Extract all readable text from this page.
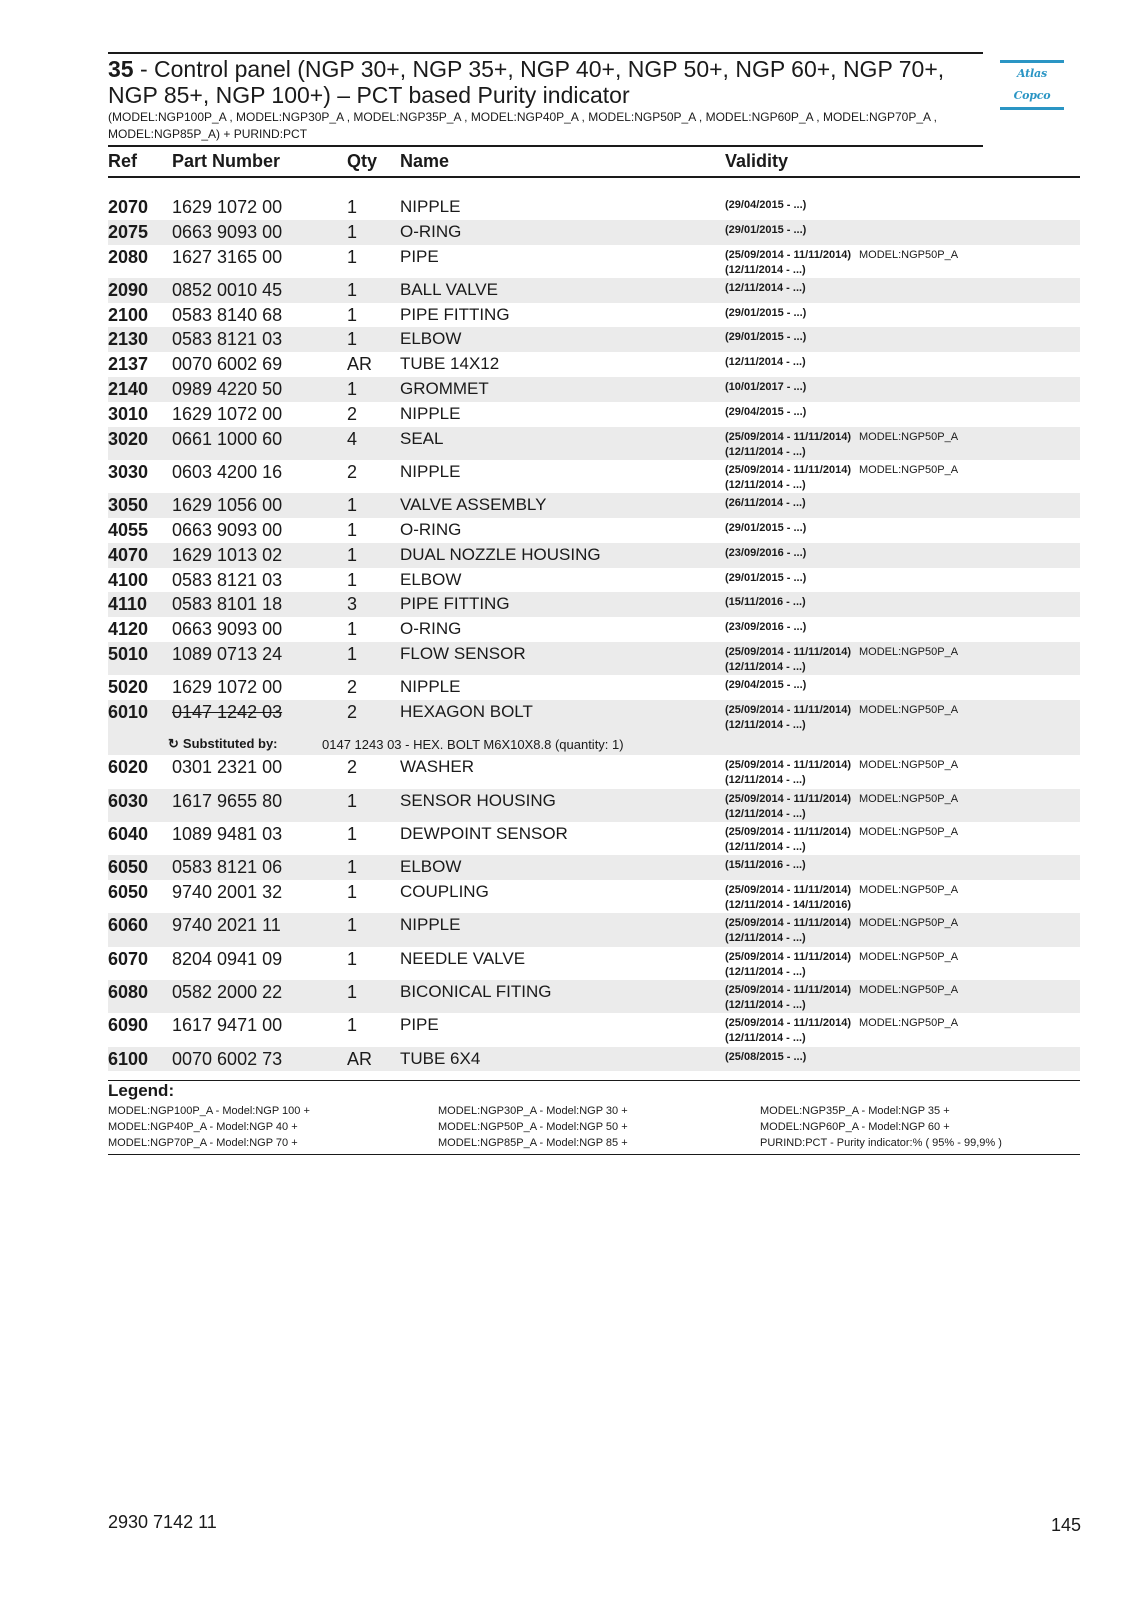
35 - Control panel (NGP 30+, NGP 35+, NGP 40+, NGP 50+, NGP 60+, NGP 70+,
NGP 85+, NGP 100+) – PCT based Purity indicator
(MODEL:NGP100P_A , MODEL:NGP30P_A , MODEL:NGP35P_A , MODEL:NGP40P_A , MODEL:NGP50P_A , MODEL:NGP60P_A , MODEL:NGP70P_A ,
MODEL:NGP85P_A) + PURIND:PCT
Atlas Copco
Ref	Part Number	Qty	Name	Validity
2070	1629 1072 00	1	NIPPLE	(29/04/2015 - ...)
2075	0663 9093 00	1	O-RING	(29/01/2015 - ...)
2080	1627 3165 00	1	PIPE	(25/09/2014 - 11/11/2014) MODEL:NGP50P_A
(12/11/2014 - ...)
2090	0852 0010 45	1	BALL VALVE	(12/11/2014 - ...)
2100	0583 8140 68	1	PIPE FITTING	(29/01/2015 - ...)
2130	0583 8121 03	1	ELBOW	(29/01/2015 - ...)
2137	0070 6002 69	AR	TUBE 14X12	(12/11/2014 - ...)
2140	0989 4220 50	1	GROMMET	(10/01/2017 - ...)
3010	1629 1072 00	2	NIPPLE	(29/04/2015 - ...)
3020	0661 1000 60	4	SEAL	(25/09/2014 - 11/11/2014) MODEL:NGP50P_A
(12/11/2014 - ...)
3030	0603 4200 16	2	NIPPLE	(25/09/2014 - 11/11/2014) MODEL:NGP50P_A
(12/11/2014 - ...)
3050	1629 1056 00	1	VALVE ASSEMBLY	(26/11/2014 - ...)
4055	0663 9093 00	1	O-RING	(29/01/2015 - ...)
4070	1629 1013 02	1	DUAL NOZZLE HOUSING	(23/09/2016 - ...)
4100	0583 8121 03	1	ELBOW	(29/01/2015 - ...)
4110	0583 8101 18	3	PIPE FITTING	(15/11/2016 - ...)
4120	0663 9093 00	1	O-RING	(23/09/2016 - ...)
5010	1089 0713 24	1	FLOW SENSOR	(25/09/2014 - 11/11/2014) MODEL:NGP50P_A
(12/11/2014 - ...)
5020	1629 1072 00	2	NIPPLE	(29/04/2015 - ...)
6010	0147 1242 03	2	HEXAGON BOLT	(25/09/2014 - 11/11/2014) MODEL:NGP50P_A
(12/11/2014 - ...)
↻ Substituted by:	0147 1243 03 - HEX. BOLT M6X10X8.8 (quantity: 1)
6020	0301 2321 00	2	WASHER	(25/09/2014 - 11/11/2014) MODEL:NGP50P_A
(12/11/2014 - ...)
6030	1617 9655 80	1	SENSOR HOUSING	(25/09/2014 - 11/11/2014) MODEL:NGP50P_A
(12/11/2014 - ...)
6040	1089 9481 03	1	DEWPOINT SENSOR	(25/09/2014 - 11/11/2014) MODEL:NGP50P_A
(12/11/2014 - ...)
6050	0583 8121 06	1	ELBOW	(15/11/2016 - ...)
6050	9740 2001 32	1	COUPLING	(25/09/2014 - 11/11/2014) MODEL:NGP50P_A
(12/11/2014 - 14/11/2016)
6060	9740 2021 11	1	NIPPLE	(25/09/2014 - 11/11/2014) MODEL:NGP50P_A
(12/11/2014 - ...)
6070	8204 0941 09	1	NEEDLE VALVE	(25/09/2014 - 11/11/2014) MODEL:NGP50P_A
(12/11/2014 - ...)
6080	0582 2000 22	1	BICONICAL FITING	(25/09/2014 - 11/11/2014) MODEL:NGP50P_A
(12/11/2014 - ...)
6090	1617 9471 00	1	PIPE	(25/09/2014 - 11/11/2014) MODEL:NGP50P_A
(12/11/2014 - ...)
6100	0070 6002 73	AR	TUBE 6X4	(25/08/2015 - ...)
Legend:
MODEL:NGP100P_A - Model:NGP 100 +	MODEL:NGP30P_A - Model:NGP 30 +	MODEL:NGP35P_A - Model:NGP 35 +
MODEL:NGP40P_A - Model:NGP 40 +	MODEL:NGP50P_A - Model:NGP 50 +	MODEL:NGP60P_A - Model:NGP 60 +
MODEL:NGP70P_A - Model:NGP 70 +	MODEL:NGP85P_A - Model:NGP 85 +	PURIND:PCT - Purity indicator:% ( 95% - 99,9% )
2930 7142 11	145
